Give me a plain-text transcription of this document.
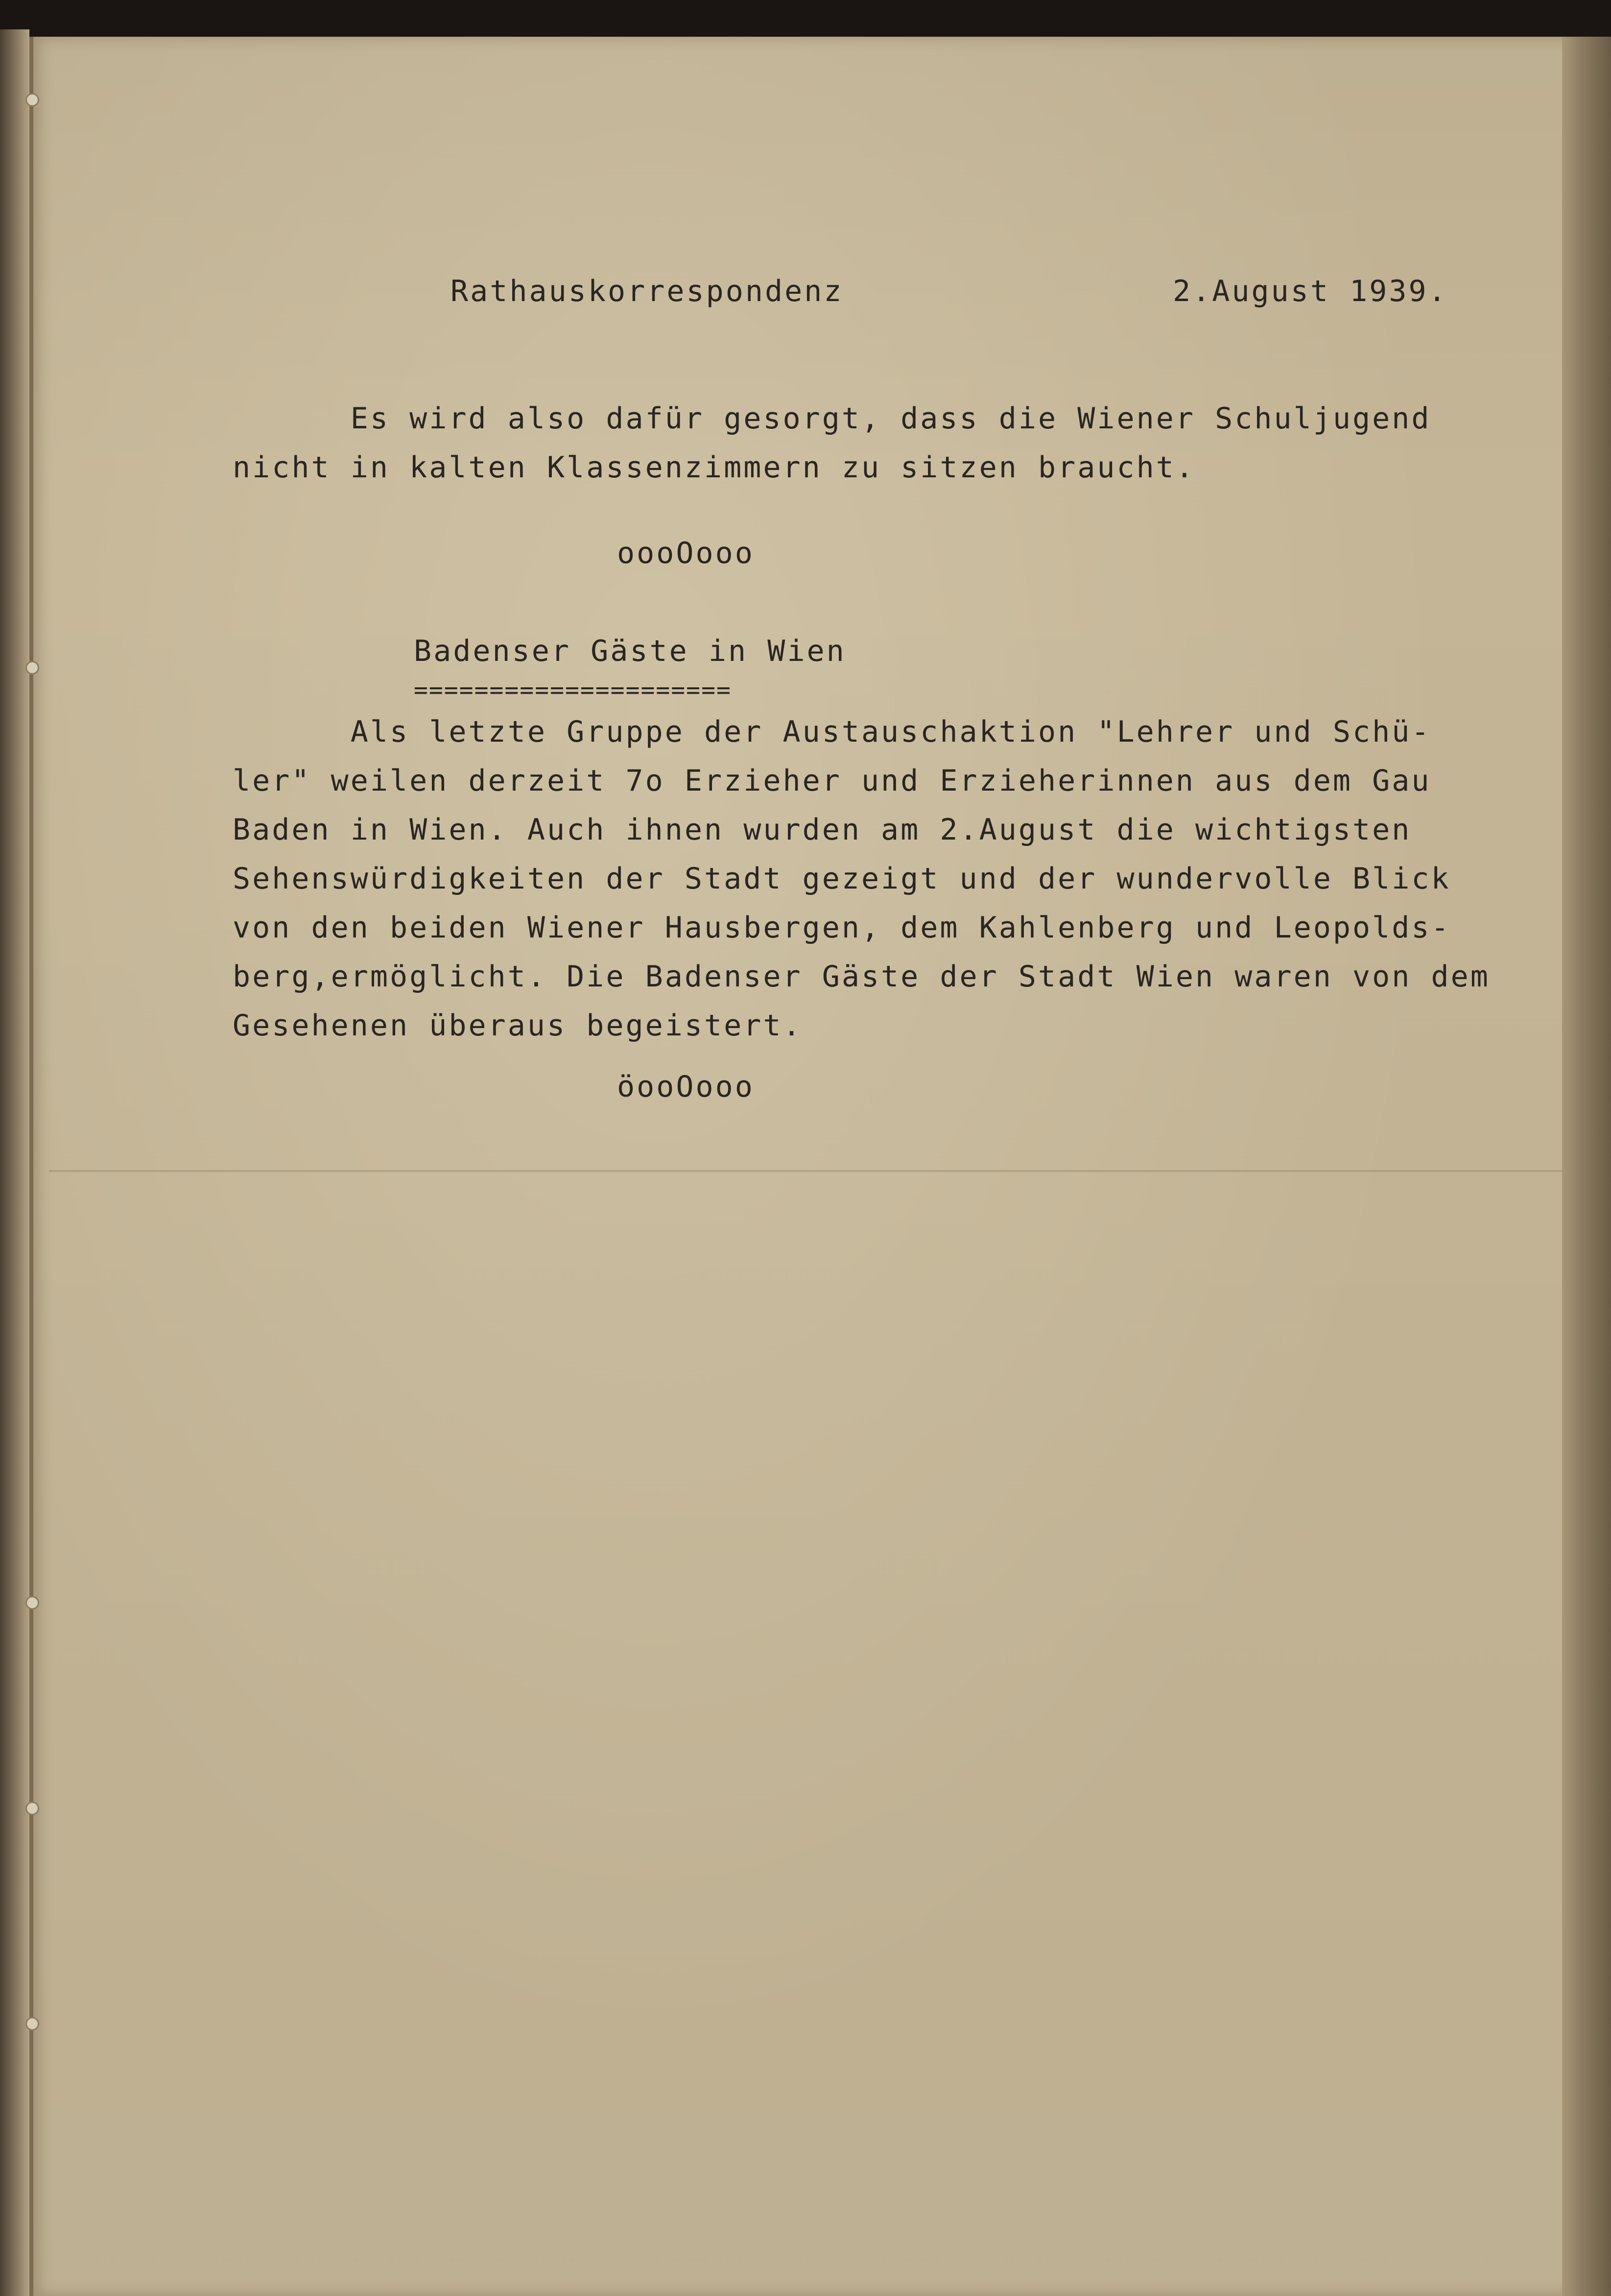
Rathauskorrespondenz	2.August 1939.
Es wird also dafür gesorgt, dass die Wiener Schuljugend
nicht in kalten Klassenzimmern zu sitzen braucht.
oooOooo
Badenser Gäste in Wien
=====================
Als letzte Gruppe der Austauschaktion "Lehrer und Schü-
ler" weilen derzeit 7o Erzieher und Erzieherinnen aus dem Gau
Baden in Wien. Auch ihnen wurden am 2.August die wichtigsten
Sehenswürdigkeiten der Stadt gezeigt und der wundervolle Blick
von den beiden Wiener Hausbergen, dem Kahlenberg und Leopolds-
berg,ermöglicht. Die Badenser Gäste der Stadt Wien waren von dem
Gesehenen überaus begeistert.
öooOooo
